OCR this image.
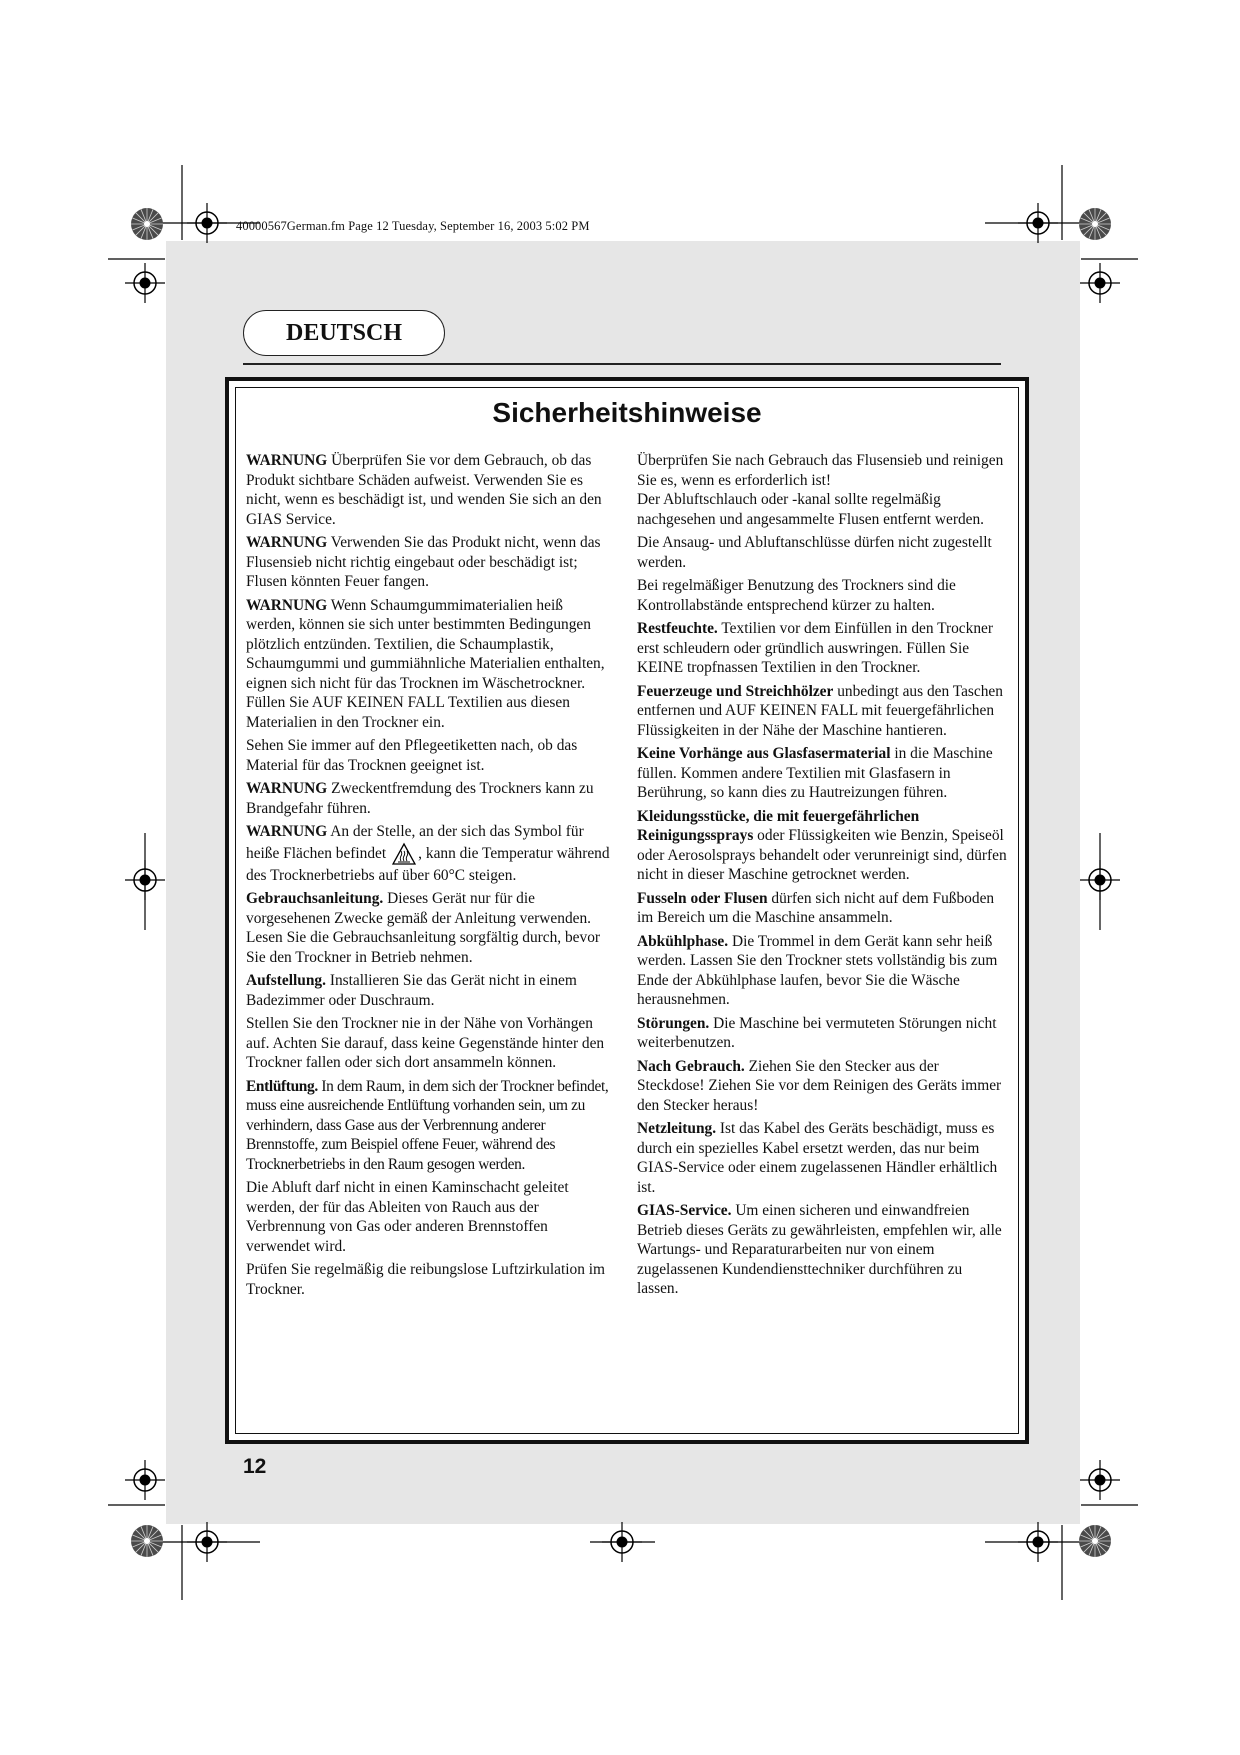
40000567German.fm Page 12 Tuesday, September 16, 2003 5:02 PM
DEUTSCH
Sicherheitshinweise

WARNUNG Überprüfen Sie vor dem Gebrauch, ob das Produkt sichtbare Schäden aufweist. Verwenden Sie es nicht, wenn es beschädigt ist, und wenden Sie sich an den GIAS Service.

WARNUNG Verwenden Sie das Produkt nicht, wenn das Flusensieb nicht richtig eingebaut oder beschädigt ist; Flusen könnten Feuer fangen.

WARNUNG Wenn Schaumgummimaterialien heiß werden, können sie sich unter bestimmten Bedingungen plötzlich entzünden. Textilien, die Schaumplastik, Schaumgummi und gummiähnliche Materialien enthalten, eignen sich nicht für das Trocknen im Wäschetrockner. Füllen Sie AUF KEINEN FALL Textilien aus diesen Materialien in den Trockner ein.

Sehen Sie immer auf den Pflegeetiketten nach, ob das Material für das Trocknen geeignet ist.

WARNUNG Zweckentfremdung des Trockners kann zu Brandgefahr führen.

WARNUNG An der Stelle, an der sich das Symbol für heiße Flächen befindet , kann die Temperatur während des Trocknerbetriebs auf über 60°C steigen.

Gebrauchsanleitung. Dieses Gerät nur für die vorgesehenen Zwecke gemäß der Anleitung verwenden. Lesen Sie die Gebrauchsanleitung sorgfältig durch, bevor Sie den Trockner in Betrieb nehmen.

Aufstellung. Installieren Sie das Gerät nicht in einem Badezimmer oder Duschraum.

Stellen Sie den Trockner nie in der Nähe von Vorhängen auf. Achten Sie darauf, dass keine Gegenstände hinter den Trockner fallen oder sich dort ansammeln können.

Entlüftung. In dem Raum, in dem sich der Trockner befindet, muss eine ausreichende Entlüftung vorhanden sein, um zu verhindern, dass Gase aus der Verbrennung anderer Brennstoffe, zum Beispiel offene Feuer, während des Trocknerbetriebs in den Raum gesogen werden.

Die Abluft darf nicht in einen Kaminschacht geleitet werden, der für das Ableiten von Rauch aus der Verbrennung von Gas oder anderen Brennstoffen verwendet wird.

Prüfen Sie regelmäßig die reibungslose Luftzirkulation im Trockner.

Überprüfen Sie nach Gebrauch das Flusensieb und reinigen Sie es, wenn es erforderlich ist!

Der Abluftschlauch oder -kanal sollte regelmäßig nachgesehen und angesammelte Flusen entfernt werden.

Die Ansaug- und Abluftanschlüsse dürfen nicht zugestellt werden.

Bei regelmäßiger Benutzung des Trockners sind die Kontrollabstände entsprechend kürzer zu halten.

Restfeuchte. Textilien vor dem Einfüllen in den Trockner erst schleudern oder gründlich auswringen. Füllen Sie KEINE tropfnassen Textilien in den Trockner.

Feuerzeuge und Streichhölzer unbedingt aus den Taschen entfernen und AUF KEINEN FALL mit feuergefährlichen Flüssigkeiten in der Nähe der Maschine hantieren.

Keine Vorhänge aus Glasfasermaterial in die Maschine füllen. Kommen andere Textilien mit Glasfasern in Berührung, so kann dies zu Hautreizungen führen.

Kleidungsstücke, die mit feuergefährlichen Reinigungssprays oder Flüssigkeiten wie Benzin, Speiseöl oder Aerosolsprays behandelt oder verunreinigt sind, dürfen nicht in dieser Maschine getrocknet werden.

Fusseln oder Flusen dürfen sich nicht auf dem Fußboden im Bereich um die Maschine ansammeln.

Abkühlphase. Die Trommel in dem Gerät kann sehr heiß werden. Lassen Sie den Trockner stets vollständig bis zum Ende der Abkühlphase laufen, bevor Sie die Wäsche herausnehmen.

Störungen. Die Maschine bei vermuteten Störungen nicht weiterbenutzen.

Nach Gebrauch. Ziehen Sie den Stecker aus der Steckdose! Ziehen Sie vor dem Reinigen des Geräts immer den Stecker heraus!

Netzleitung. Ist das Kabel des Geräts beschädigt, muss es durch ein spezielles Kabel ersetzt werden, das nur beim GIAS-Service oder einem zugelassenen Händler erhältlich ist.

GIAS-Service. Um einen sicheren und einwandfreien Betrieb dieses Geräts zu gewährleisten, empfehlen wir, alle Wartungs- und Reparaturarbeiten nur von einem zugelassenen Kundendiensttechniker durchführen zu lassen.

12
